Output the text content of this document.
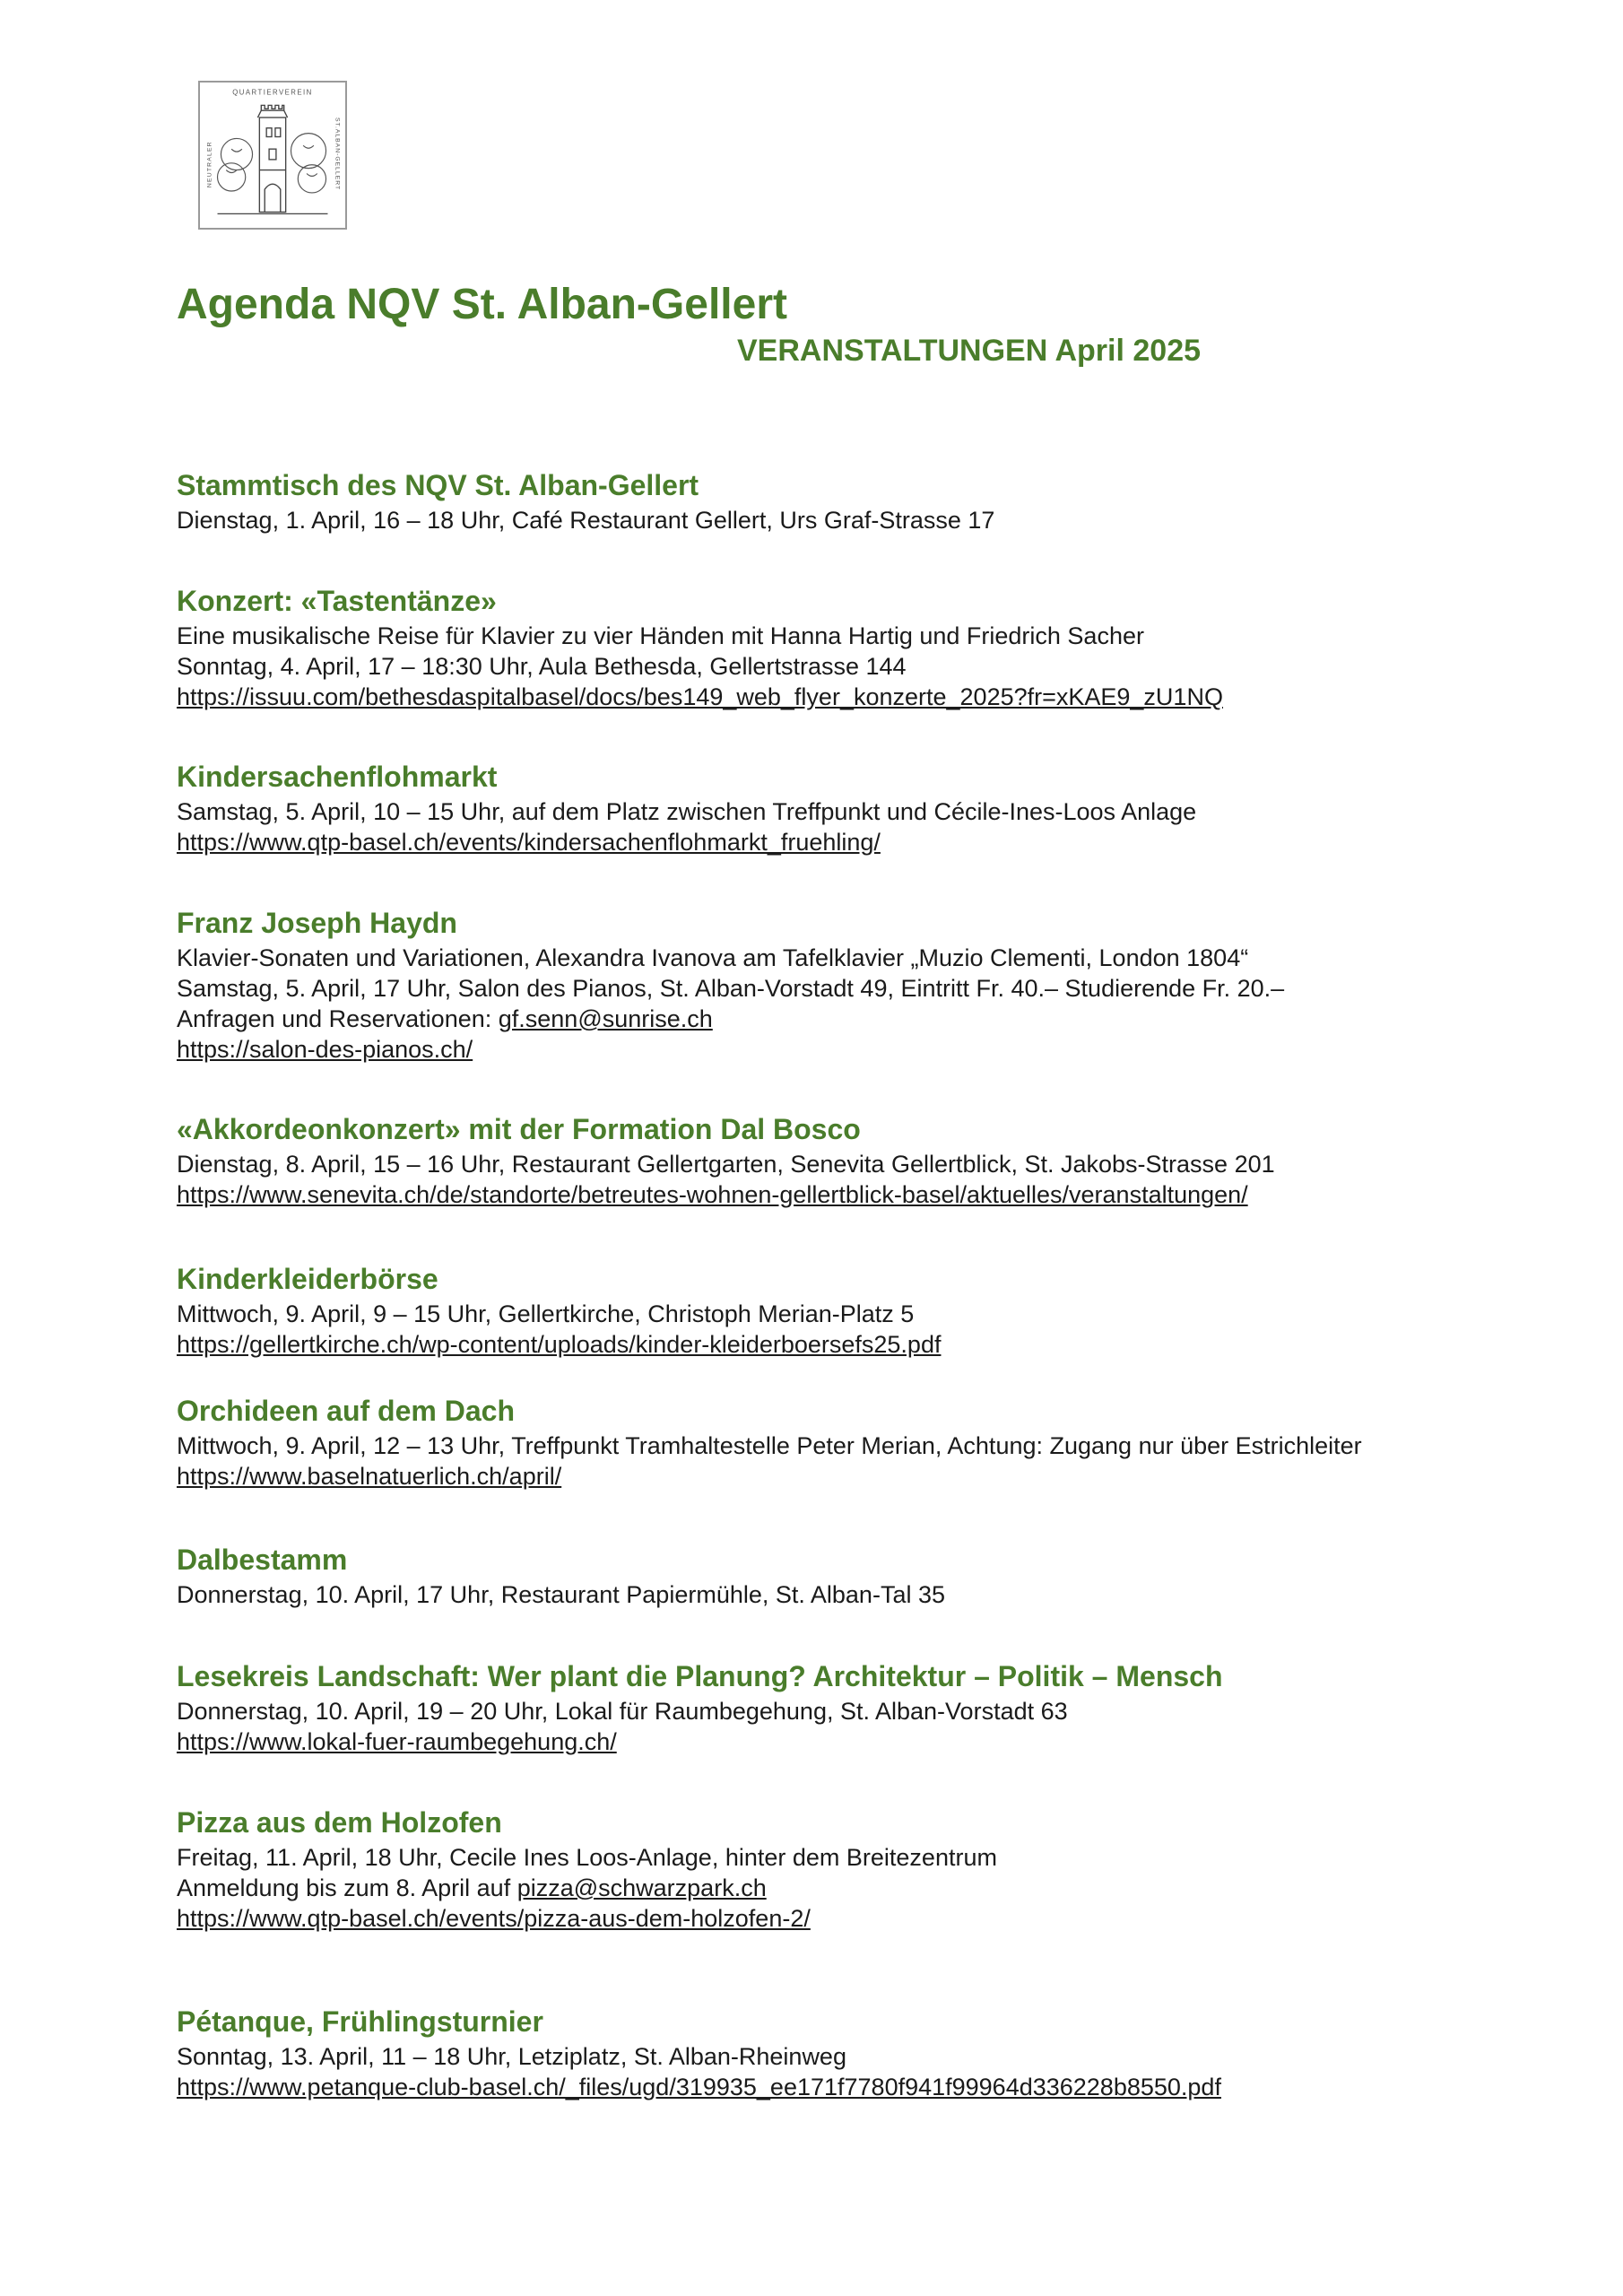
QUARTIERVEREIN
NEUTRALER	ST.ALBAN-GELLERT
Agenda NQV St. Alban-Gellert
VERANSTALTUNGEN April 2025
Stammtisch des NQV St. Alban-Gellert

Dienstag, 1. April, 16 – 18 Uhr, Café Restaurant Gellert, Urs Graf-Strasse 17

Konzert: «Tastentänze»

Eine musikalische Reise für Klavier zu vier Händen mit Hanna Hartig und Friedrich Sacher

Sonntag, 4. April, 17 – 18:30 Uhr, Aula Bethesda, Gellertstrasse 144

https://issuu.com/bethesdaspitalbasel/docs/bes149_web_flyer_konzerte_2025?fr=xKAE9_zU1NQ
Kindersachenflohmarkt

Samstag, 5. April, 10 – 15 Uhr, auf dem Platz zwischen Treffpunkt und Cécile-Ines-Loos Anlage

https://www.qtp-basel.ch/events/kindersachenflohmarkt_fruehling/
Franz Joseph Haydn

Klavier-Sonaten und Variationen, Alexandra Ivanova am Tafelklavier „Muzio Clementi, London 1804“

Samstag, 5. April, 17 Uhr, Salon des Pianos, St. Alban-Vorstadt 49, Eintritt Fr. 40.– Studierende Fr. 20.–

Anfragen und Reservationen: gf.senn@sunrise.ch

https://salon-des-pianos.ch/
«Akkordeonkonzert» mit der Formation Dal Bosco

Dienstag, 8. April, 15 – 16 Uhr, Restaurant Gellertgarten, Senevita Gellertblick, St. Jakobs-Strasse 201

https://www.senevita.ch/de/standorte/betreutes-wohnen-gellertblick-basel/aktuelles/veranstaltungen/
Kinderkleiderbörse

Mittwoch, 9. April, 9 – 15 Uhr, Gellertkirche, Christoph Merian-Platz 5

https://gellertkirche.ch/wp-content/uploads/kinder-kleiderboersefs25.pdf
Orchideen auf dem Dach

Mittwoch, 9. April, 12 – 13 Uhr, Treffpunkt Tramhaltestelle Peter Merian, Achtung: Zugang nur über Estrichleiter

https://www.baselnatuerlich.ch/april/
Dalbestamm

Donnerstag, 10. April, 17 Uhr, Restaurant Papiermühle, St. Alban-Tal 35

Lesekreis Landschaft: Wer plant die Planung? Architektur – Politik – Mensch

Donnerstag, 10. April, 19 – 20 Uhr, Lokal für Raumbegehung, St. Alban-Vorstadt 63

https://www.lokal-fuer-raumbegehung.ch/
Pizza aus dem Holzofen

Freitag, 11. April, 18 Uhr, Cecile Ines Loos-Anlage, hinter dem Breitezentrum

Anmeldung bis zum 8. April auf pizza@schwarzpark.ch

https://www.qtp-basel.ch/events/pizza-aus-dem-holzofen-2/
Pétanque, Frühlingsturnier

Sonntag, 13. April, 11 – 18 Uhr, Letziplatz, St. Alban-Rheinweg

https://www.petanque-club-basel.ch/_files/ugd/319935_ee171f7780f941f99964d336228b8550.pdf
